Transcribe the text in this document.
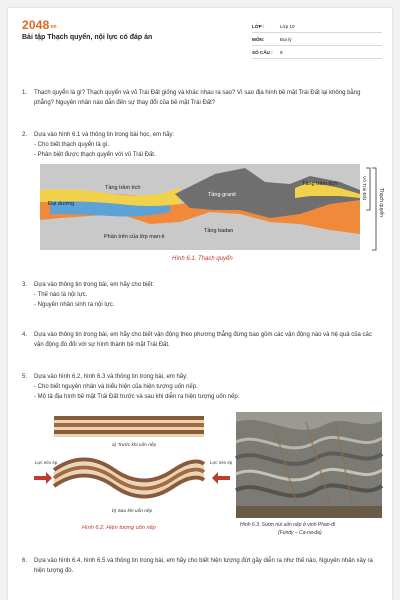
$2048^{vn}$
Bài tập Thạch quyển, nội lực có đáp án
LỚP :	Lớp 10
MÔN:	Địa lý
SỐ CÂU : 9
1. Thạch quyển là gì? Thạch quyển và vỏ Trái Đất giống và khác nhau ra sao? Vì sao địa hình bề mặt Trái Đất lại không bằng phẳng? Nguyên nhân nào dẫn đến sự thay đổi của bề mặt Trái Đất?
2. Dựa vào hình 6.1 và thông tin trong bài học, em hãy:
- Cho biết thạch quyển là gì.
- Phân biệt được thạch quyển với vỏ Trái Đất.
Tầng trầm tích
Đại dương
Tầng granit
Tầng trầm tích
Tầng badan
Phần trên của lớp man-ti
Vỏ Trái Đất	Thạch quyển
Hình 6.1. Thạch quyển
3. Dựa vào thông tin trong bài, em hãy cho biết:
- Thế nào là nội lực.
- Nguyên nhân sinh ra nội lực.
4. Dựa vào thông tin trong bài, em hãy cho biết vận động theo phương thẳng đứng bao gồm các vận động nào và hệ quả của các vận động đó đối với sự hình thành bề mặt Trái Đất.
5. Dựa vào hình 6.2, hình 6.3 và thông tin trong bài, em hãy:
- Cho biết nguyên nhân và biểu hiện của hiện tượng uốn nếp.
- Mô tả địa hình bề mặt Trái Đất trước và sau khi diễn ra hiện tượng uốn nếp.
a) Trước khi uốn nếp
Lực nén ép	Lực nén ép
b) Sau khi uốn nếp
Hình 6.2. Hiện tượng uốn nếp	Hình 6.3. Sườn núi uốn nếp ở vịnh Phan-đi
(Fundy – Ca-na-đa)
6. Dựa vào hình 6.4, hình 6.5 và thông tin trong bài, em hãy cho biết hiện tượng đứt gãy diễn ra như thế nào. Nguyên nhân xảy ra hiện tượng đó.
